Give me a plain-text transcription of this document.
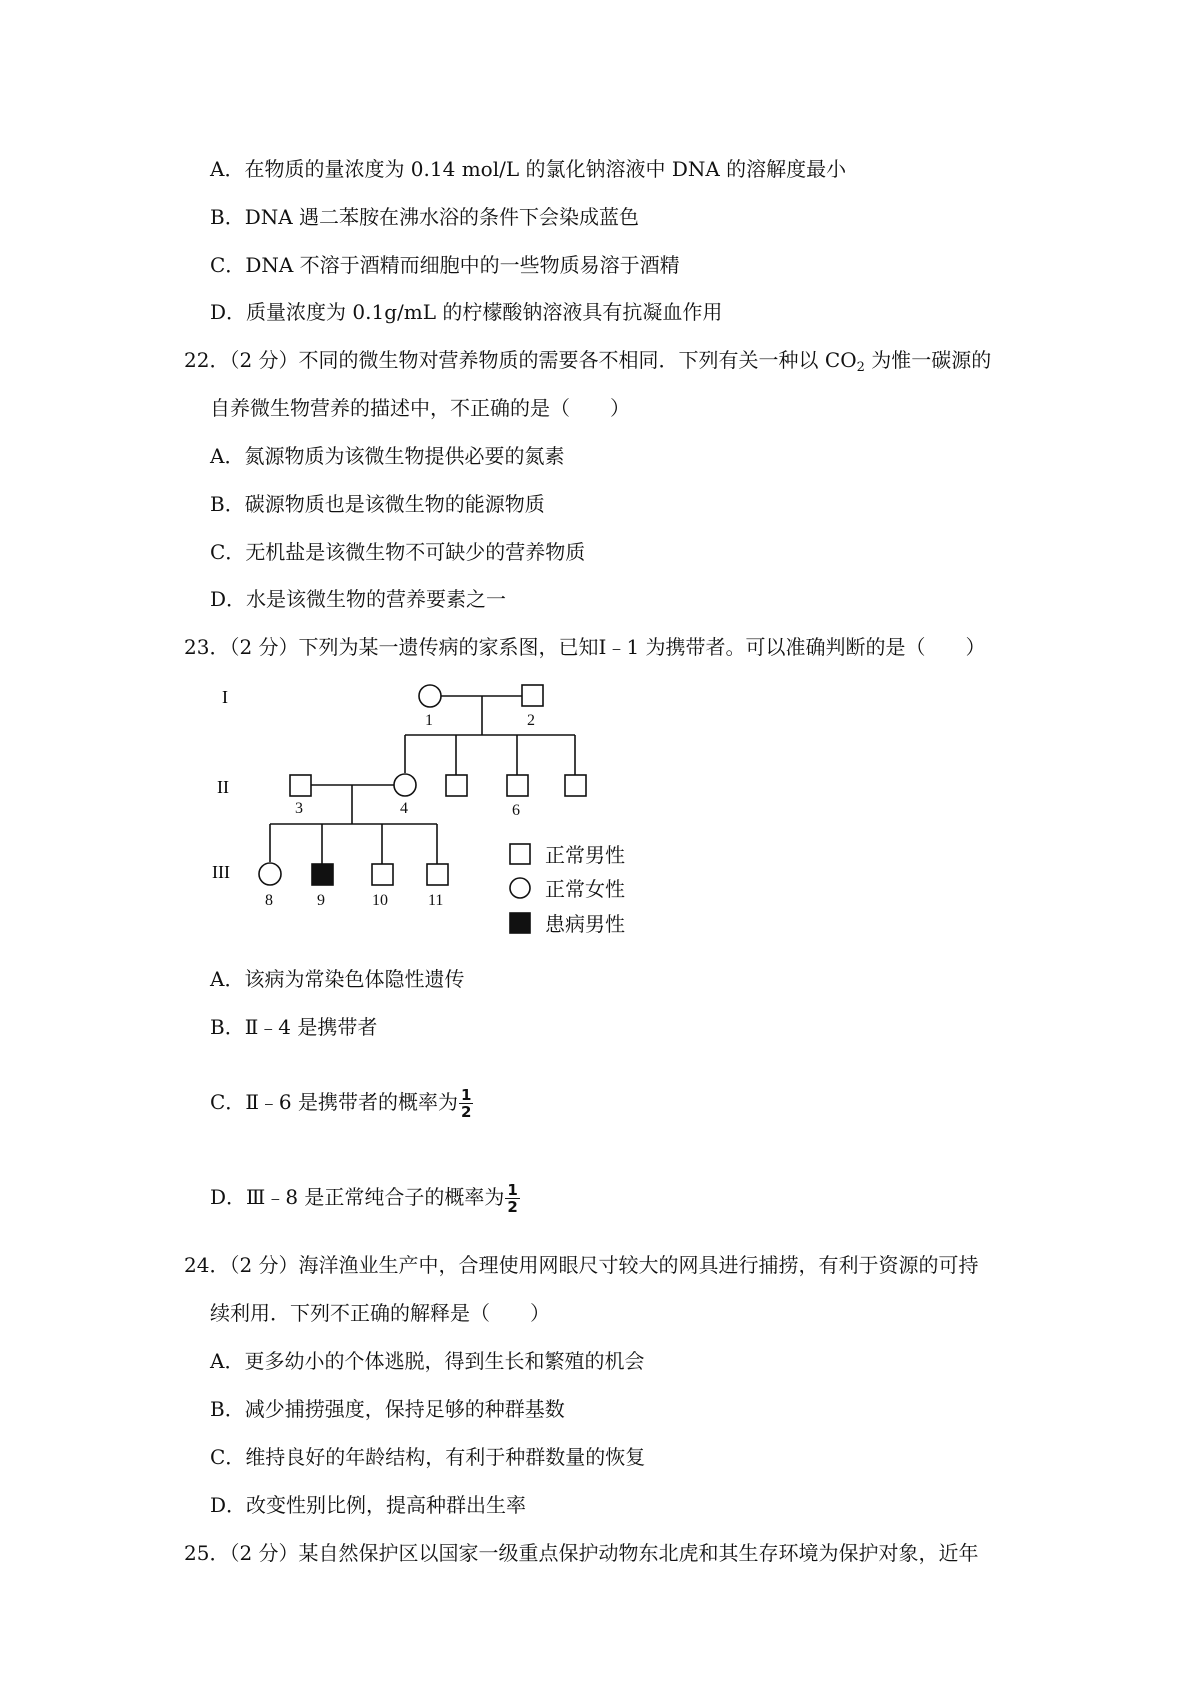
A．在物质的量浓度为 0.14 mol/L 的氯化钠溶液中 DNA 的溶解度最小
B．DNA 遇二苯胺在沸水浴的条件下会染成蓝色
C．DNA 不溶于酒精而细胞中的一些物质易溶于酒精
D．质量浓度为 0.1g/mL 的柠檬酸钠溶液具有抗凝血作用
22．（2 分）不同的微生物对营养物质的需要各不相同．下列有关一种以 $CO_2$ 为惟一碳源的
自养微生物营养的描述中，不正确的是（　　）
A．氮源物质为该微生物提供必要的氮素
B．碳源物质也是该微生物的能源物质
C．无机盐是该微生物不可缺少的营养物质
D．水是该微生物的营养要素之一
23．（2 分）下列为某一遗传病的家系图，已知Ⅰ﹣1 为携带者。可以准确判断的是（　　）
I
II
III
1	2
3	4	6
8	9	10	11
正常男性
正常女性
患病男性
A．该病为常染色体隐性遗传
B．Ⅱ﹣4 是携带者
C．Ⅱ﹣6 是携带者的概率为 $\frac{1}{2}$
D．Ⅲ﹣8 是正常纯合子的概率为 $\frac{1}{2}$
24．（2 分）海洋渔业生产中，合理使用网眼尺寸较大的网具进行捕捞，有利于资源的可持
续利用．下列不正确的解释是（　　）
A．更多幼小的个体逃脱，得到生长和繁殖的机会
B．减少捕捞强度，保持足够的种群基数
C．维持良好的年龄结构，有利于种群数量的恢复
D．改变性别比例，提高种群出生率
25．（2 分）某自然保护区以国家一级重点保护动物东北虎和其生存环境为保护对象，近年
